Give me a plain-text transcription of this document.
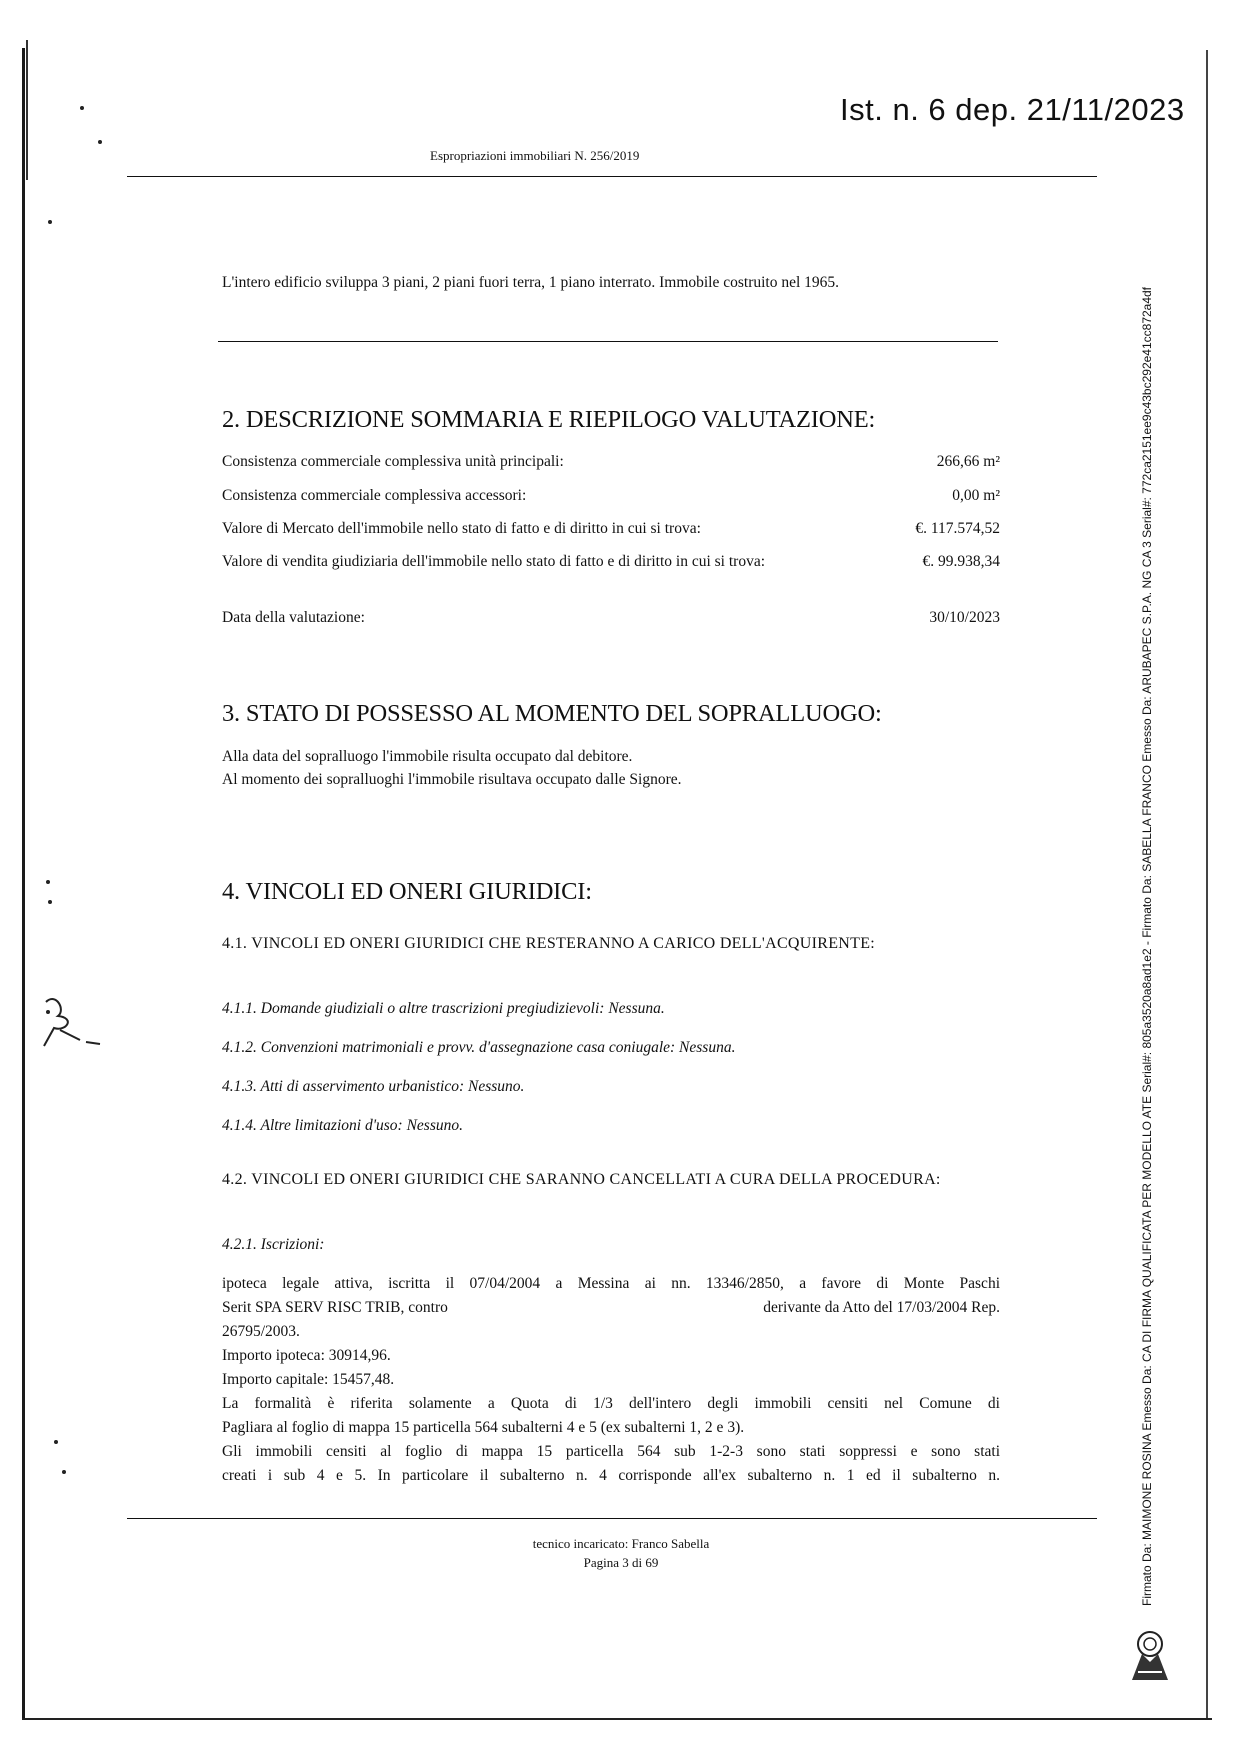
Ist. n. 6 dep. 21/11/2023
Espropriazioni immobiliari N. 256/2019
L'intero edificio sviluppa 3 piani, 2 piani fuori terra, 1 piano interrato. Immobile costruito nel 1965.
2. DESCRIZIONE SOMMARIA E RIEPILOGO VALUTAZIONE:
Consistenza commerciale complessiva unità principali:	266,66 m²
Consistenza commerciale complessiva accessori:	0,00 m²
Valore di Mercato dell'immobile nello stato di fatto e di diritto in cui si trova:	€. 117.574,52
Valore di vendita giudiziaria dell'immobile nello stato di fatto e di diritto in cui si trova:	€. 99.938,34
Data della valutazione:	30/10/2023
3. STATO DI POSSESSO AL MOMENTO DEL SOPRALLUOGO:
Alla data del sopralluogo l'immobile risulta occupato dal debitore.
Al momento dei sopralluoghi l'immobile risultava occupato dalle Signore.
4. VINCOLI ED ONERI GIURIDICI:
4.1. VINCOLI ED ONERI GIURIDICI CHE RESTERANNO A CARICO DELL'ACQUIRENTE:
4.1.1. Domande giudiziali o altre trascrizioni pregiudizievoli: Nessuna.
4.1.2. Convenzioni matrimoniali e provv. d'assegnazione casa coniugale: Nessuna.
4.1.3. Atti di asservimento urbanistico: Nessuno.
4.1.4. Altre limitazioni d'uso: Nessuno.
4.2. VINCOLI ED ONERI GIURIDICI CHE SARANNO CANCELLATI A CURA DELLA PROCEDURA:
4.2.1. Iscrizioni:

ipoteca legale attiva, iscritta il 07/04/2004 a Messina ai nn. 13346/2850, a favore di Monte Paschi

Serit SPA SERV RISC TRIB, contro	derivante da Atto del 17/03/2004 Rep.

26795/2003.

Importo ipoteca: 30914,96.

Importo capitale: 15457,48.

La formalità è riferita solamente a Quota di 1/3 dell'intero degli immobili censiti nel Comune di

Pagliara al foglio di mappa 15 particella 564 subalterni 4 e 5 (ex subalterni 1, 2 e 3).

Gli immobili censiti al foglio di mappa 15 particella 564 sub 1-2-3 sono stati soppressi e sono stati

creati i sub 4 e 5. In particolare il subalterno n. 4 corrisponde all'ex subalterno n. 1 ed il subalterno n.

tecnico incaricato: Franco Sabella
Pagina 3 di 69	Firmato Da: MAIMONE ROSINA Emesso Da: CA DI FIRMA QUALIFICATA PER MODELLO ATE Serial#: 805a3520a8ad1e2 - Firmato Da: SABELLA FRANCO Emesso Da: ARUBAPEC S.P.A. NG CA 3 Serial#: 772ca2151ee9c43bc292e41cc872a4df
